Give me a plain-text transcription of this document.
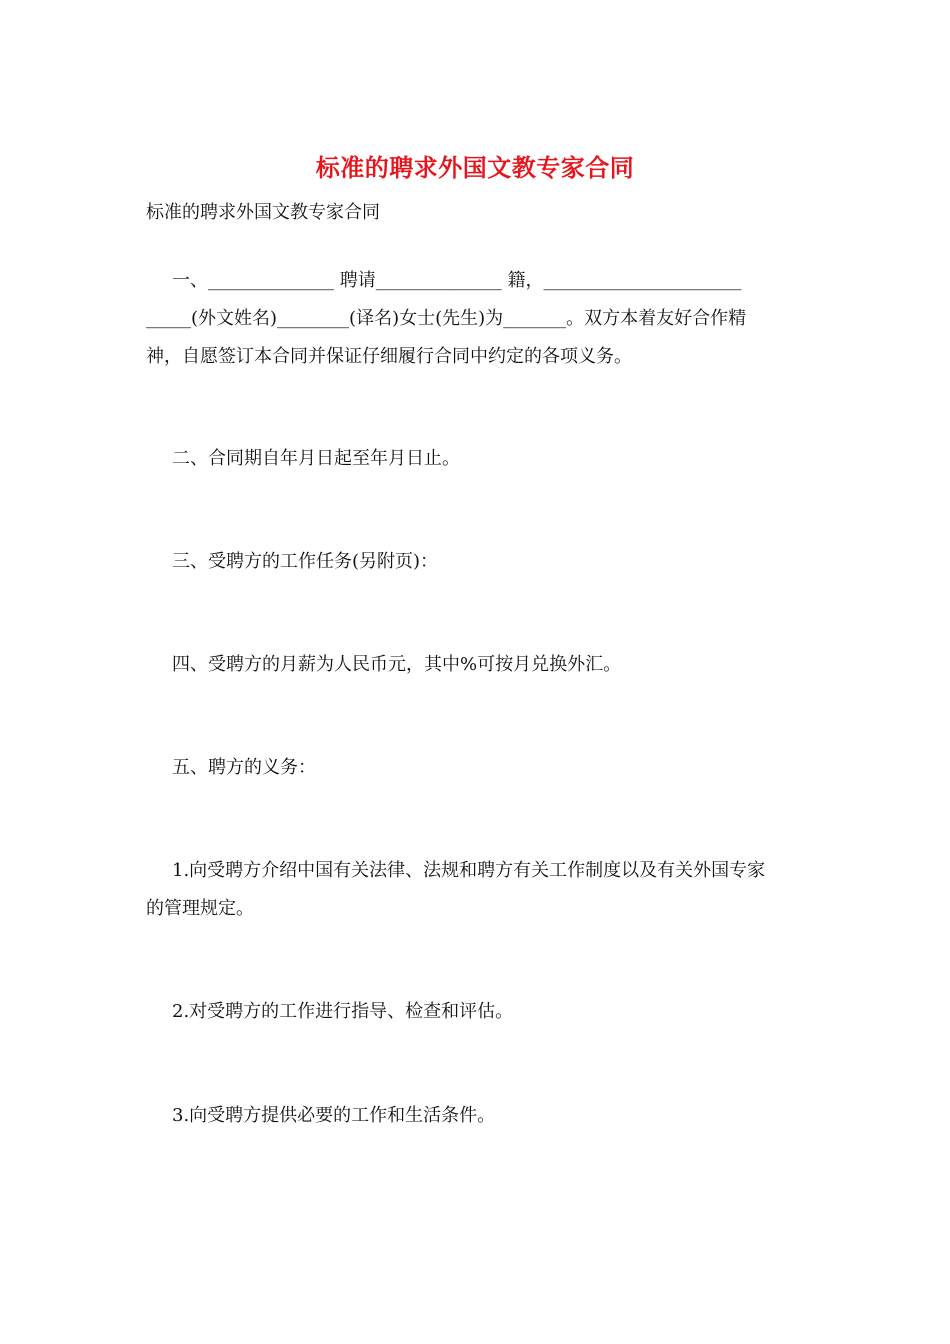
标准的聘求外国文教专家合同
标准的聘求外国文教专家合同
一、______________ 聘请______________ 籍，______________________
_____(外文姓名)________(译名)女士(先生)为_______。双方本着友好合作精
神，自愿签订本合同并保证仔细履行合同中约定的各项义务。
二、合同期自年月日起至年月日止。
三、受聘方的工作任务(另附页)：
四、受聘方的月薪为人民币元，其中%可按月兑换外汇。
五、聘方的义务：
1.向受聘方介绍中国有关法律、法规和聘方有关工作制度以及有关外国专家
的管理规定。
2.对受聘方的工作进行指导、检查和评估。
3.向受聘方提供必要的工作和生活条件。
